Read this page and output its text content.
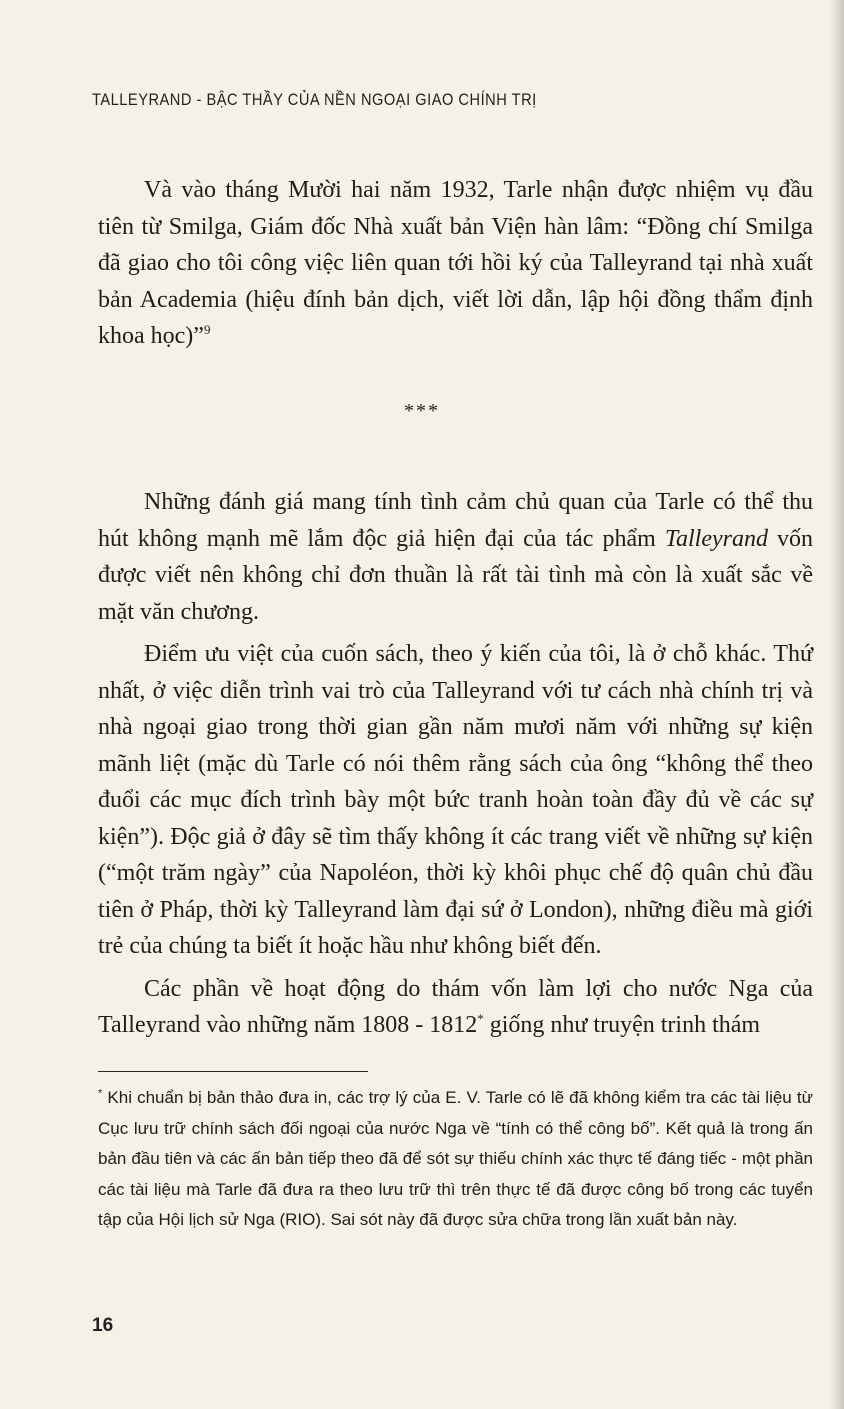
TALLEYRAND - BẬC THẦY CỦA NỀN NGOẠI GIAO CHÍNH TRỊ

Và vào tháng Mười hai năm 1932, Tarle nhận được nhiệm vụ đầu tiên từ Smilga, Giám đốc Nhà xuất bản Viện hàn lâm: “Đồng chí Smilga đã giao cho tôi công việc liên quan tới hồi ký của Talleyrand tại nhà xuất bản Academia (hiệu đính bản dịch, viết lời dẫn, lập hội đồng thẩm định khoa học)”$^9$

***

Những đánh giá mang tính tình cảm chủ quan của Tarle có thể thu hút không mạnh mẽ lắm độc giả hiện đại của tác phẩm Talleyrand vốn được viết nên không chỉ đơn thuần là rất tài tình mà còn là xuất sắc về mặt văn chương.

Điểm ưu việt của cuốn sách, theo ý kiến của tôi, là ở chỗ khác. Thứ nhất, ở việc diễn trình vai trò của Talleyrand với tư cách nhà chính trị và nhà ngoại giao trong thời gian gần năm mươi năm với những sự kiện mãnh liệt (mặc dù Tarle có nói thêm rằng sách của ông “không thể theo đuổi các mục đích trình bày một bức tranh hoàn toàn đầy đủ về các sự kiện”). Độc giả ở đây sẽ tìm thấy không ít các trang viết về những sự kiện (“một trăm ngày” của Napoléon, thời kỳ khôi phục chế độ quân chủ đầu tiên ở Pháp, thời kỳ Talleyrand làm đại sứ ở London), những điều mà giới trẻ của chúng ta biết ít hoặc hầu như không biết đến.

Các phần về hoạt động do thám vốn làm lợi cho nước Nga của Talleyrand vào những năm 1808 - 1812* giống như truyện trinh thám

* Khi chuẩn bị bản thảo đưa in, các trợ lý của E. V. Tarle có lẽ đã không kiểm tra các tài liệu từ Cục lưu trữ chính sách đối ngoại của nước Nga về “tính có thể công bố”. Kết quả là trong ấn bản đầu tiên và các ấn bản tiếp theo đã để sót sự thiếu chính xác thực tế đáng tiếc - một phần các tài liệu mà Tarle đã đưa ra theo lưu trữ thì trên thực tế đã được công bố trong các tuyển tập của Hội lịch sử Nga (RIO). Sai sót này đã được sửa chữa trong lần xuất bản này.

16
